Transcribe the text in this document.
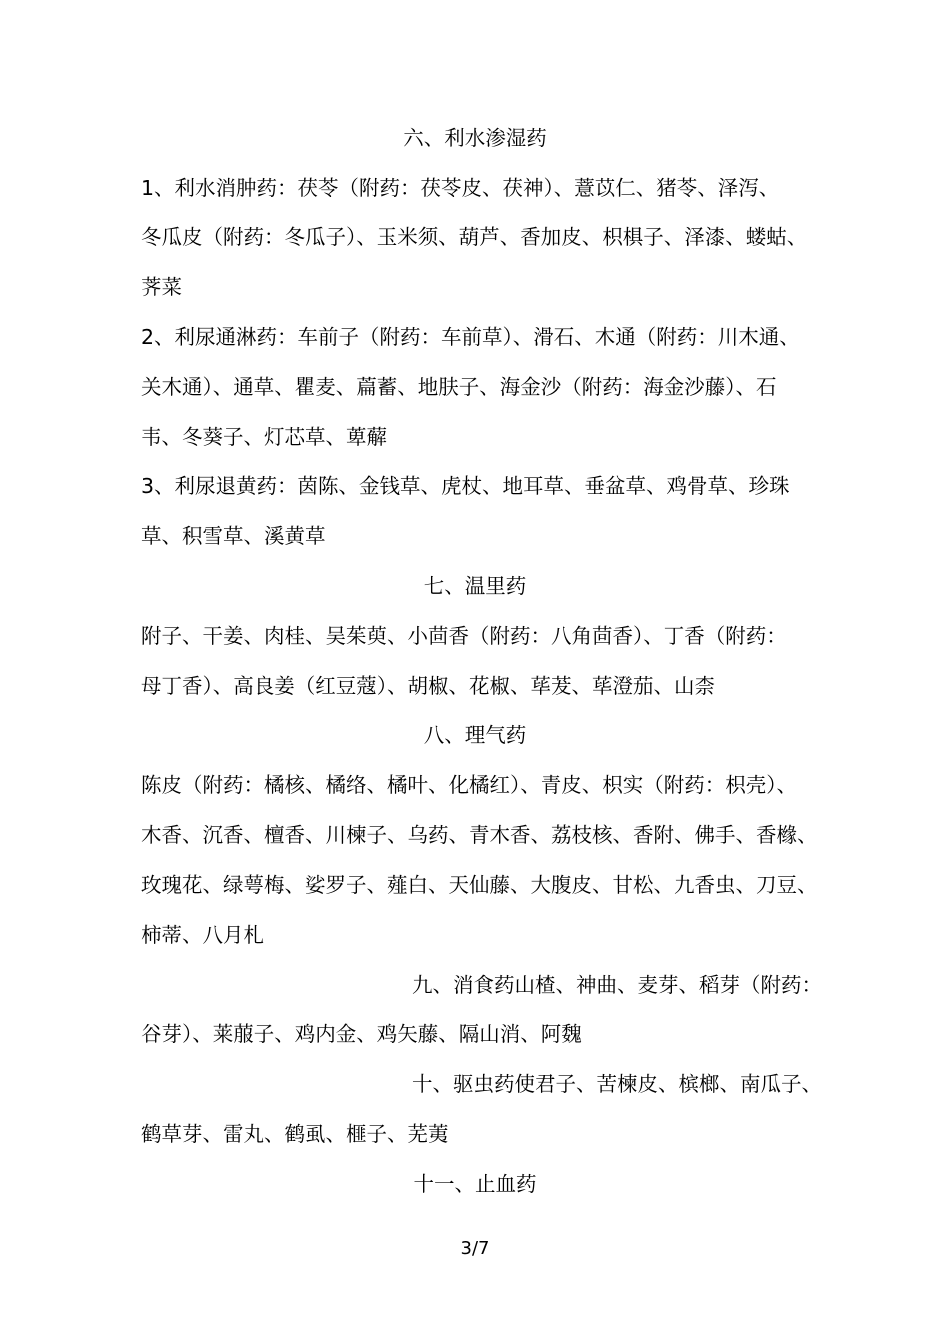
六、利水渗湿药
1、利水消肿药：茯苓（附药：茯苓皮、茯神）、薏苡仁、猪苓、泽泻、
冬瓜皮（附药：冬瓜子）、玉米须、葫芦、香加皮、枳椇子、泽漆、蝼蛄、
荠菜
2、利尿通淋药：车前子（附药：车前草）、滑石、木通（附药：川木通、
关木通）、通草、瞿麦、萹蓄、地肤子、海金沙（附药：海金沙藤）、石
韦、冬葵子、灯芯草、萆薢
3、利尿退黄药：茵陈、金钱草、虎杖、地耳草、垂盆草、鸡骨草、珍珠
草、积雪草、溪黄草
七、温里药
附子、干姜、肉桂、吴茱萸、小茴香（附药：八角茴香）、丁香（附药：
母丁香）、高良姜（红豆蔻）、胡椒、花椒、荜茇、荜澄茄、山柰
八、理气药
陈皮（附药：橘核、橘络、橘叶、化橘红）、青皮、枳实（附药：枳壳）、
木香、沉香、檀香、川楝子、乌药、青木香、荔枝核、香附、佛手、香橼、
玫瑰花、绿萼梅、娑罗子、薤白、天仙藤、大腹皮、甘松、九香虫、刀豆、
柿蒂、八月札
九、消食药山楂、神曲、麦芽、稻芽（附药：
谷芽）、莱菔子、鸡内金、鸡矢藤、隔山消、阿魏
十、驱虫药使君子、苦楝皮、槟榔、南瓜子、
鹤草芽、雷丸、鹤虱、榧子、芜荑
十一、止血药
3/7
